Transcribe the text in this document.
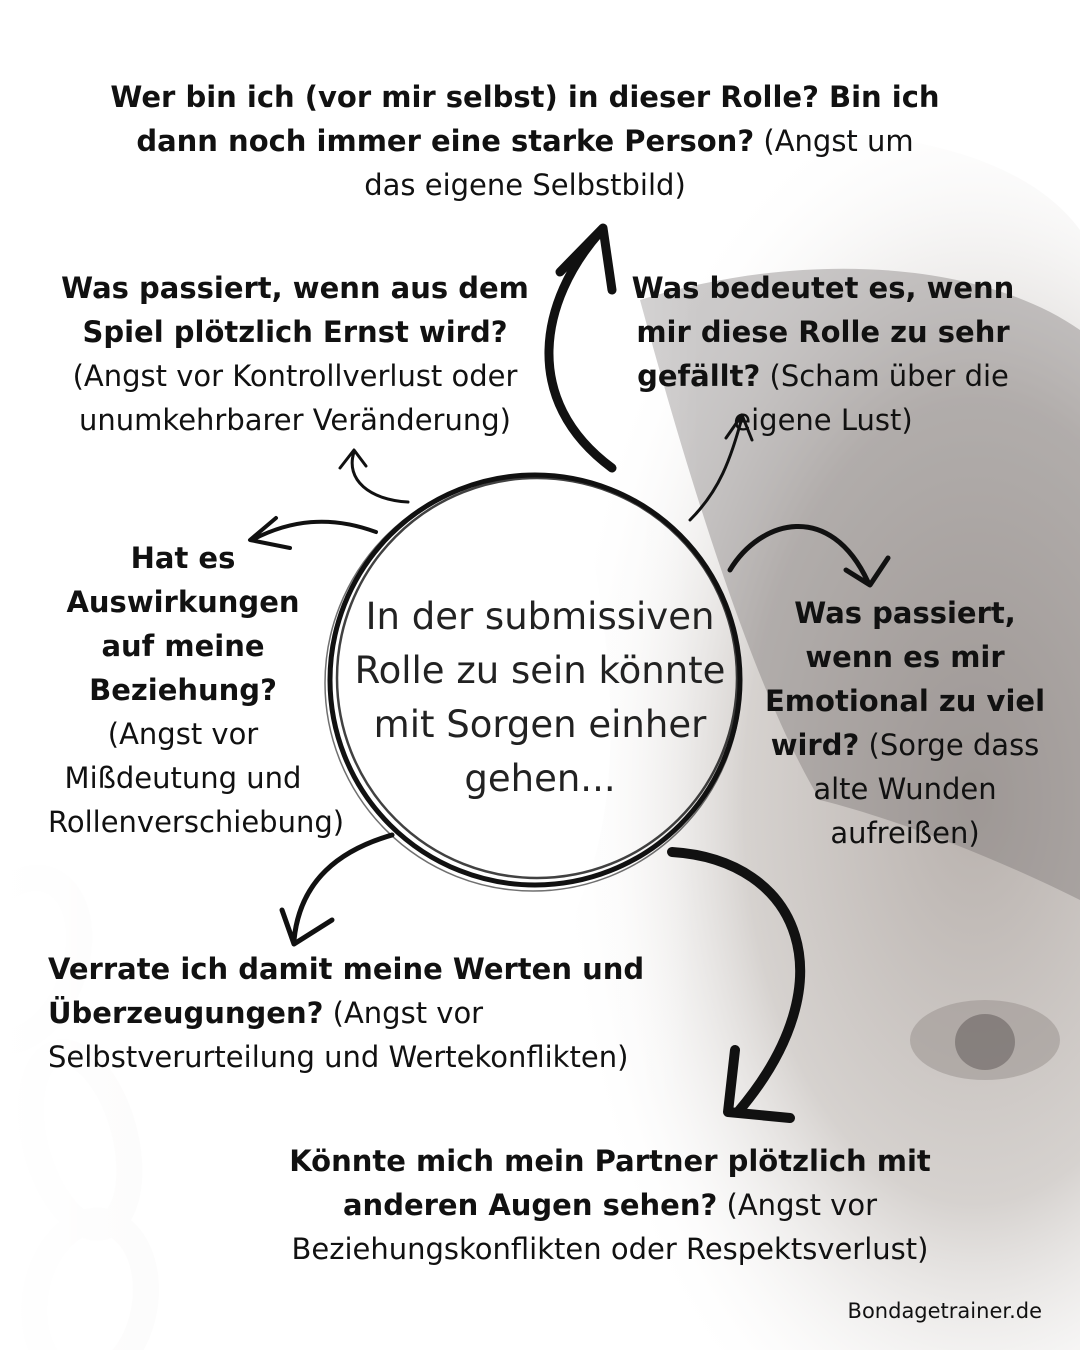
In der submissiven Rolle zu sein könnte mit Sorgen einher gehen...
Wer bin ich (vor mir selbst) in dieser Rolle? Bin ich dann noch immer eine starke Person? (Angst um das eigene Selbstbild)
Was passiert, wenn aus dem Spiel plötzlich Ernst wird? (Angst vor Kontrollverlust oder unumkehrbarer Veränderung)
Was bedeutet es, wenn mir diese Rolle zu sehr gefällt? (Scham über die eigene Lust)
Hat es Auswirkungen auf meine Beziehung? (Angst vor Mißdeutung und Rollenverschiebung)
Was passiert, wenn es mir Emotional zu viel wird? (Sorge dass alte Wunden aufreißen)
Verrate ich damit meine Werten und Überzeugungen? (Angst vor Selbstverurteilung und Wertekonflikten)
Könnte mich mein Partner plötzlich mit anderen Augen sehen? (Angst vor Beziehungskonflikten oder Respektsverlust)
Bondagetrainer.de
